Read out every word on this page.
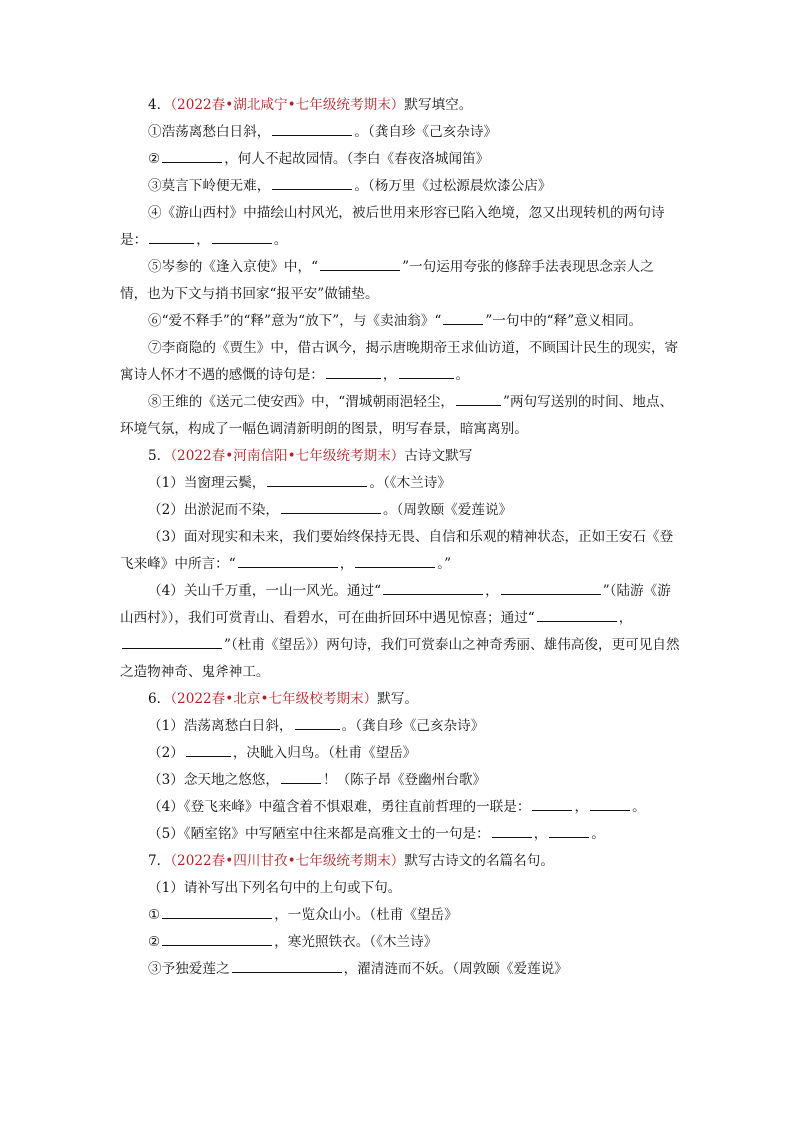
4．（2022春•湖北咸宁•七年级统考期末）默写填空。

①浩荡离愁白日斜，	。（龚自珍《己亥杂诗》

②	，何人不起故园情。（李白《春夜洛城闻笛》

③莫言下岭便无难，	。（杨万里《过松源晨炊漆公店》

④《游山西村》中描绘山村风光，被后世用来形容已陷入绝境，忽又出现转机的两句诗是：	，	。

⑤岑参的《逢入京使》中，“	”一句运用夸张的修辞手法表现思念亲人之情，也为下文与捎书回家“报平安”做铺垫。

⑥“爱不释手”的“释”意为“放下”，与《卖油翁》“	”一句中的“释”意义相同。

⑦李商隐的《贾生》中，借古讽今，揭示唐晚期帝王求仙访道，不顾国计民生的现实，寄寓诗人怀才不遇的感慨的诗句是：	，	。

⑧王维的《送元二使安西》中，“渭城朝雨浥轻尘，	”两句写送别的时间、地点、环境气氛，构成了一幅色调清新明朗的图景，明写春景，暗寓离别。

5．（2022春•河南信阳•七年级统考期末）古诗文默写

（1）当窗理云鬓，	。（《木兰诗》

（2）出淤泥而不染，	。（周敦颐《爱莲说》

（3）面对现实和未来，我们要始终保持无畏、自信和乐观的精神状态，正如王安石《登飞来峰》中所言：“	，	。”

（4）关山千万重，一山一风光。通过“	，	”（陆游《游山西村》），我们可赏青山、看碧水，可在曲折回环中遇见惊喜；通过“	，”（杜甫《望岳》）两句诗，我们可赏泰山之神奇秀丽、雄伟高俊，更可见自然之造物神奇、鬼斧神工。

6．（2022春•北京•七年级校考期末）默写。

（1）浩荡离愁白日斜，	。（龚自珍《己亥杂诗》

（2）	，决眦入归鸟。（杜甫《望岳》

（3）念天地之悠悠，	！（陈子昂《登幽州台歌》

（4）《登飞来峰》中蕴含着不惧艰难，勇往直前哲理的一联是：	，	。

（5）《陋室铭》中写陋室中往来都是高雅文士的一句是：	，	。

7．（2022春•四川甘孜•七年级统考期末）默写古诗文的名篇名句。

（1）请补写出下列名句中的上句或下句。

①	，一览众山小。（杜甫《望岳》

②	，寒光照铁衣。（《木兰诗》

③予独爱莲之	，濯清涟而不妖。（周敦颐《爱莲说》
